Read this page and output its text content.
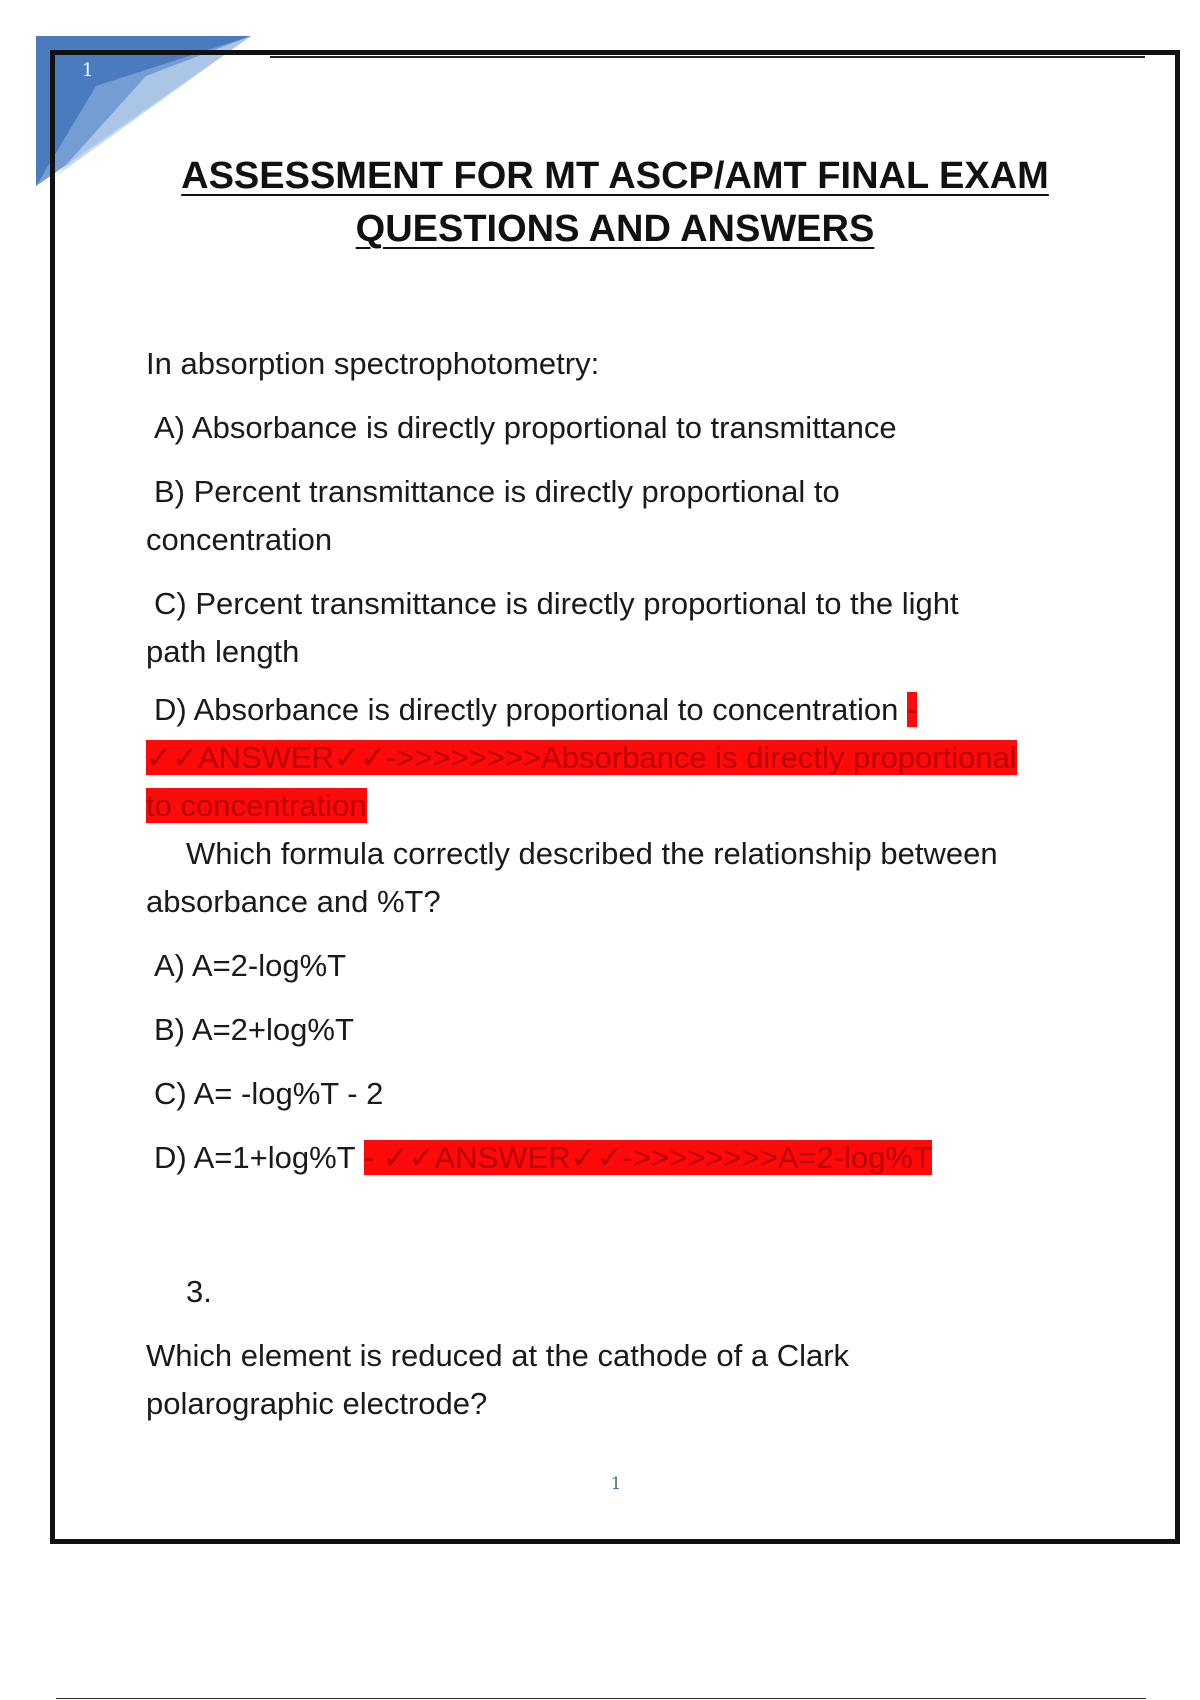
1
ASSESSMENT FOR MT ASCP/AMT FINAL EXAM
QUESTIONS AND ANSWERS

In absorption spectrophotometry:

A) Absorbance is directly proportional to transmittance

B) Percent transmittance is directly proportional to
concentration

C) Percent transmittance is directly proportional to the light
path length

D) Absorbance is directly proportional to concentration -
✓✓ANSWER✓✓->>>>>>>>Absorbance is directly proportional
to concentration

Which formula correctly described the relationship between
absorbance and %T?

A) A=2-log%T

B) A=2+log%T

C) A= -log%T - 2

D) A=1+log%T - ✓✓ANSWER✓✓->>>>>>>>A=2-log%T

3.

Which element is reduced at the cathode of a Clark
polarographic electrode?

1
